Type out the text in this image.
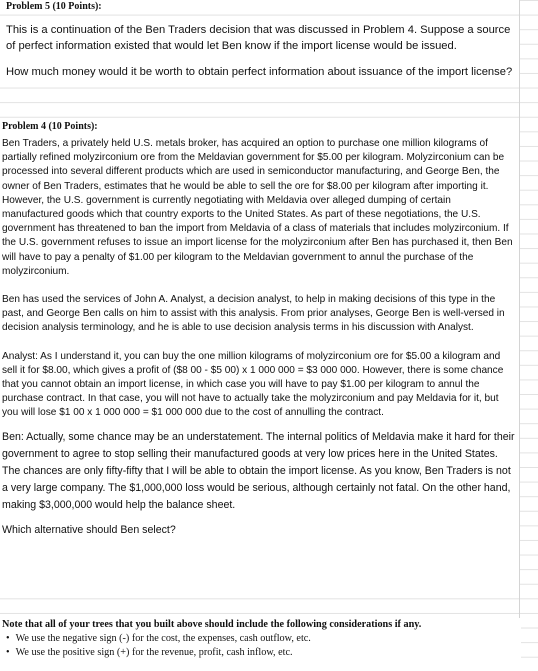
Problem 5 (10 Points):

This is a continuation of the Ben Traders decision that was discussed in Problem 4. Suppose a source of perfect information existed that would let Ben know if the import license would be issued.

How much money would it be worth to obtain perfect information about issuance of the import license?

Problem 4 (10 Points):

Ben Traders, a privately held U.S. metals broker, has acquired an option to purchase one million kilograms of partially refined molyzirconium ore from the Meldavian government for $5.00 per kilogram. Molyzirconium can be processed into several different products which are used in semiconductor manufacturing, and George Ben, the owner of Ben Traders, estimates that he would be able to sell the ore for $8.00 per kilogram after importing it. However, the U.S. government is currently negotiating with Meldavia over alleged dumping of certain manufactured goods which that country exports to the United States. As part of these negotiations, the U.S. government has threatened to ban the import from Meldavia of a class of materials that includes molyzirconium. If the U.S. government refuses to issue an import license for the molyzirconium after Ben has purchased it, then Ben will have to pay a penalty of $1.00 per kilogram to the Meldavian government to annul the purchase of the molyzirconium.

Ben has used the services of John A. Analyst, a decision analyst, to help in making decisions of this type in the past, and George Ben calls on him to assist with this analysis. From prior analyses, George Ben is well-versed in decision analysis terminology, and he is able to use decision analysis terms in his discussion with Analyst.

Analyst: As I understand it, you can buy the one million kilograms of molyzirconium ore for $5.00 a kilogram and sell it for $8.00, which gives a profit of ($8 00 - $5 00) x 1 000 000 = $3 000 000. However, there is some chance that you cannot obtain an import license, in which case you will have to pay $1.00 per kilogram to annul the purchase contract. In that case, you will not have to actually take the molyzirconium and pay Meldavia for it, but you will lose $1 00 x 1 000 000 = $1 000 000 due to the cost of annulling the contract.

Ben: Actually, some chance may be an understatement. The internal politics of Meldavia make it hard for their government to agree to stop selling their manufactured goods at very low prices here in the United States. The chances are only fifty-fifty that I will be able to obtain the import license. As you know, Ben Traders is not a very large company. The $1,000,000 loss would be serious, although certainly not fatal. On the other hand, making $3,000,000 would help the balance sheet.

Which alternative should Ben select?

Note that all of your trees that you built above should include the following considerations if any.
• We use the negative sign (-) for the cost, the expenses, cash outflow, etc.
• We use the positive sign (+) for the revenue, profit, cash inflow, etc.
